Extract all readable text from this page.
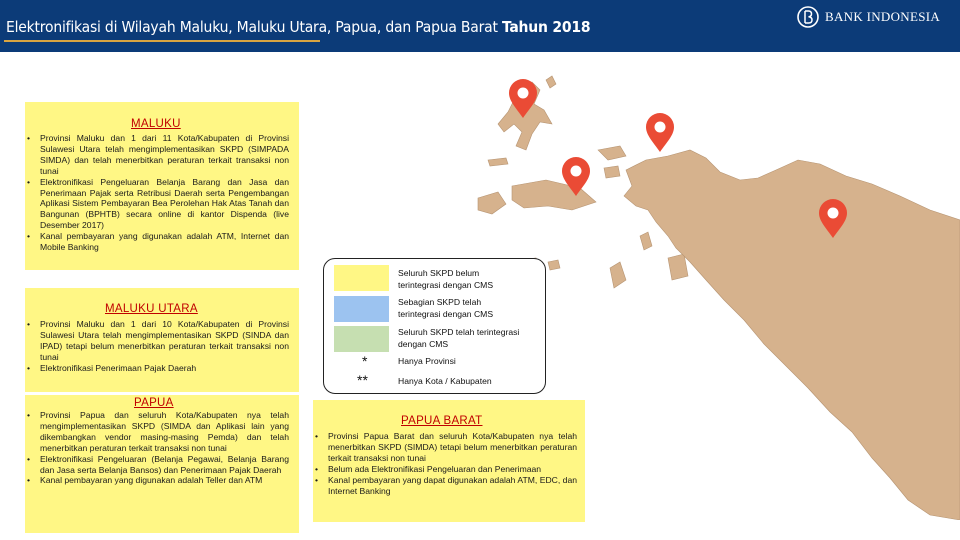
Elektronifikasi di Wilayah Maluku, Maluku Utara, Papua, dan Papua Barat Tahun 2018
BANK INDONESIA
MALUKU
• Provinsi Maluku dan 1 dari 11 Kota/Kabupaten di Provinsi Sulawesi Utara telah mengimplementasikan SKPD (SIMPADA SIMDA) dan telah menerbitkan peraturan terkait transaksi non tunai
• Elektronifikasi Pengeluaran Belanja Barang dan Jasa dan Penerimaan Pajak serta Retribusi Daerah serta Pengembangan Aplikasi Sistem Pembayaran Bea Perolehan Hak Atas Tanah dan Bangunan (BPHTB) secara online di kantor Dispenda (live Desember 2017)
• Kanal pembayaran yang digunakan adalah ATM, Internet dan Mobile Banking
MALUKU UTARA
• Provinsi Maluku dan 1 dari 10 Kota/Kabupaten di Provinsi Sulawesi Utara telah mengimplementasikan SKPD (SINDA dan IPAD) tetapi belum menerbitkan peraturan terkait transaksi non tunai
• Elektronifikasi Penerimaan Pajak Daerah
PAPUA
• Provinsi Papua dan seluruh Kota/Kabupaten nya telah mengimplementasikan SKPD (SIMDA dan Aplikasi lain yang dikembangkan vendor masing-masing Pemda) dan telah menerbitkan peraturan terkait transaksi non tunai
• Elektronifikasi Pengeluaran (Belanja Pegawai, Belanja Barang dan Jasa serta Belanja Bansos) dan Penerimaan Pajak Daerah
• Kanal pembayaran yang digunakan adalah Teller dan ATM
PAPUA BARAT
• Provinsi Papua Barat dan seluruh Kota/Kabupaten nya telah menerbitkan SKPD (SIMDA) tetapi belum menerbitkan peraturan terkait transaksi non tunai
• Belum ada Elektronifikasi Pengeluaran dan Penerimaan
• Kanal pembayaran yang dapat digunakan adalah ATM, EDC, dan Internet Banking
Seluruh SKPD belum
terintegrasi dengan CMS
Sebagian SKPD telah
terintegrasi dengan CMS
Seluruh SKPD telah terintegrasi
dengan CMS
*	Hanya Provinsi
**	Hanya Kota / Kabupaten
